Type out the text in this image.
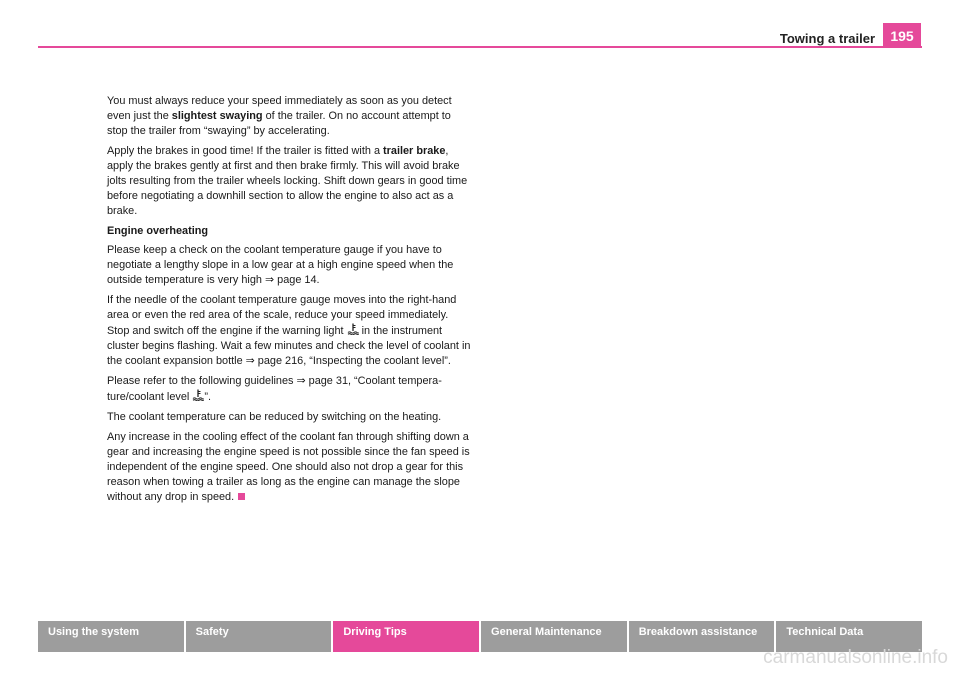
Towing a trailer	195

You must always reduce your speed immediately as soon as you detect even just the slightest swaying of the trailer. On no account attempt to stop the trailer from “swaying” by accelerating.

Apply the brakes in good time! If the trailer is fitted with a trailer brake, apply the brakes gently at first and then brake firmly. This will avoid brake jolts resulting from the trailer wheels locking. Shift down gears in good time before negotiating a downhill section to allow the engine to also act as a brake.

Engine overheating

Please keep a check on the coolant temperature gauge if you have to negotiate a lengthy slope in a low gear at a high engine speed when the outside temperature is very high ⇒ page 14.

If the needle of the coolant temperature gauge moves into the right-hand area or even the red area of the scale, reduce your speed immediately. Stop and switch off the engine if the warning light  in the instrument cluster begins flashing. Wait a few minutes and check the level of coolant in the coolant expansion bottle ⇒ page 216, “Inspecting the coolant level”.

Please refer to the following guidelines ⇒ page 31, “Coolant tempera-ture/coolant level ”.

The coolant temperature can be reduced by switching on the heating.

Any increase in the cooling effect of the coolant fan through shifting down a gear and increasing the engine speed is not possible since the fan speed is independent of the engine speed. One should also not drop a gear for this reason when towing a trailer as long as the engine can manage the slope without any drop in speed.

Using the system	Safety	Driving Tips	General Maintenance	Breakdown assistance	Technical Data
carmanualsonline.info
